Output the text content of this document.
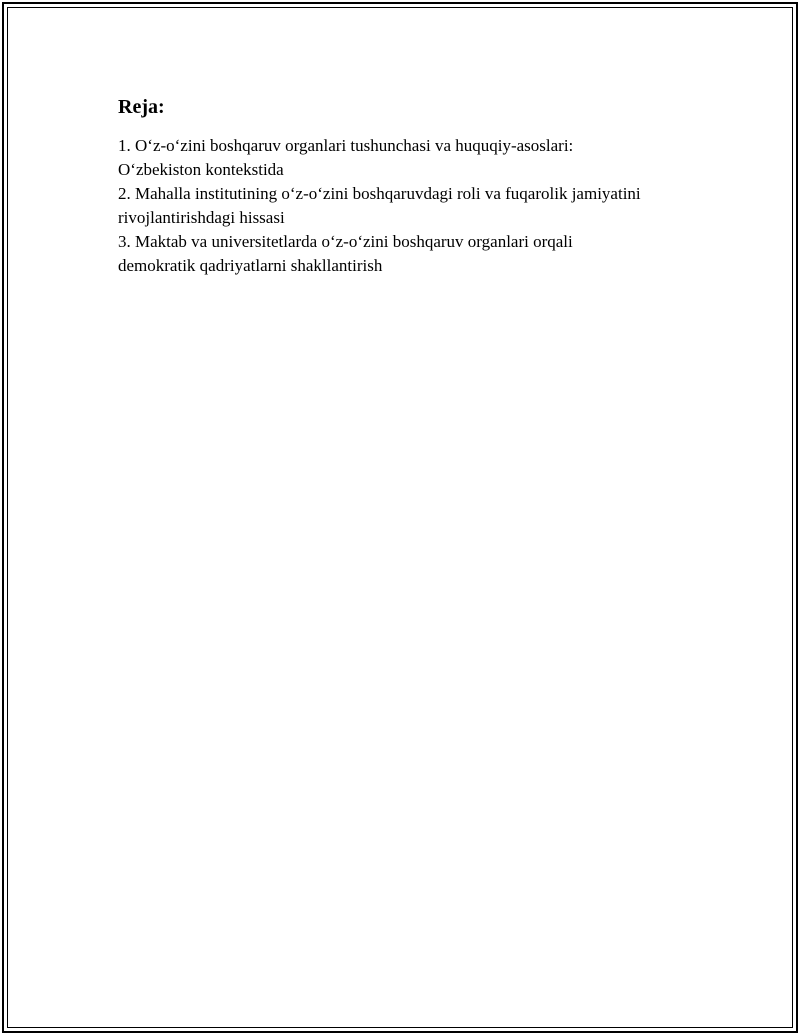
Reja:
1. O‘z-o‘zini boshqaruv organlari tushunchasi va huquqiy-asoslari:
O‘zbekiston kontekstida
2. Mahalla institutining o‘z-o‘zini boshqaruvdagi roli va fuqarolik jamiyatini
rivojlantirishdagi hissasi
3. Maktab va universitetlarda o‘z-o‘zini boshqaruv organlari orqali
demokratik qadriyatlarni shakllantirish
